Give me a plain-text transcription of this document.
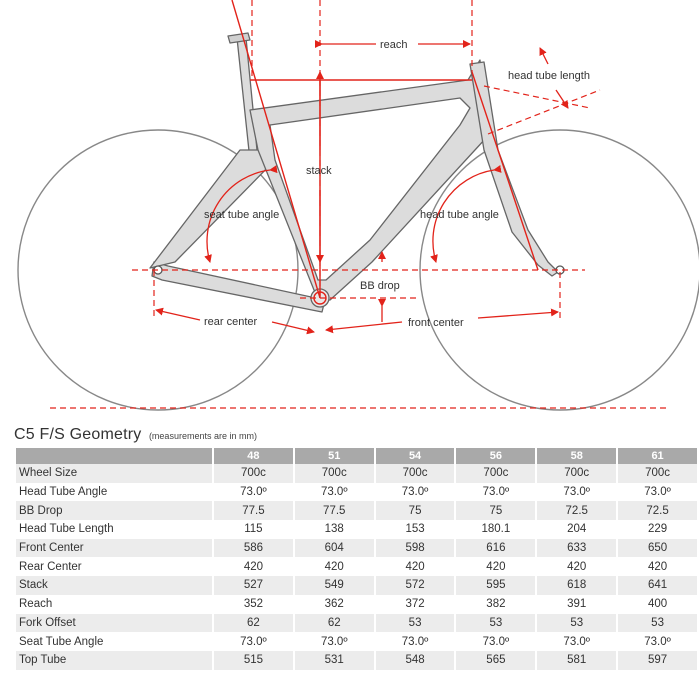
reach
head tube length
stack
seat tube angle	head tube angle
BB drop
rear center	front center
C5 F/S Geometry (measurements are in mm)
	48	51	54	56	58	61
Wheel Size	700c	700c	700c	700c	700c	700c
Head Tube Angle	73.0º	73.0º	73.0º	73.0º	73.0º	73.0º
BB Drop	77.5	77.5	75	75	72.5	72.5
Head Tube Length	115	138	153	180.1	204	229
Front Center	586	604	598	616	633	650
Rear Center	420	420	420	420	420	420
Stack	527	549	572	595	618	641
Reach	352	362	372	382	391	400
Fork Offset	62	62	53	53	53	53
Seat Tube Angle	73.0º	73.0º	73.0º	73.0º	73.0º	73.0º
Top Tube	515	531	548	565	581	597
